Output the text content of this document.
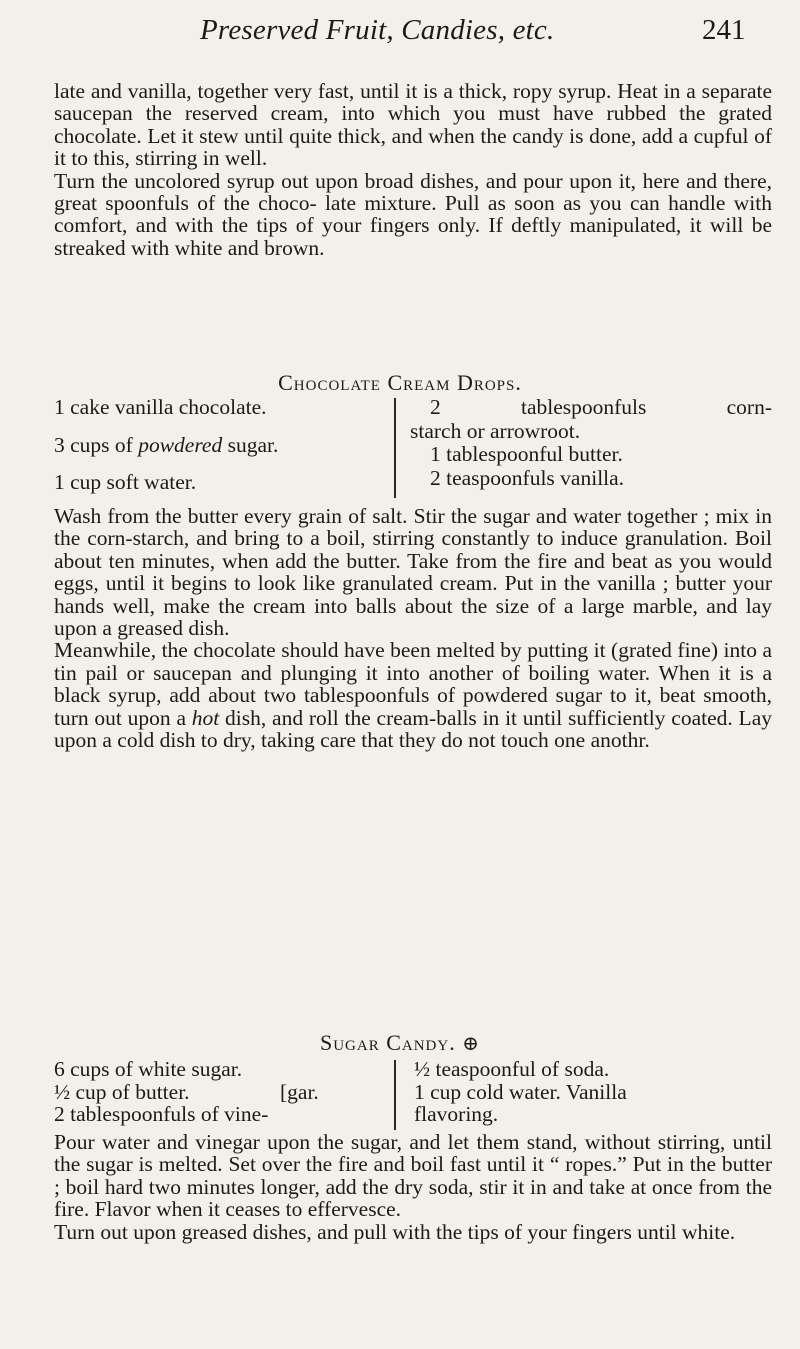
Preserved Fruit, Candies, etc.	241

late and vanilla, together very fast, until it is a thick, ropy syrup. Heat in a separate saucepan the reserved cream, into which you must have rubbed the grated chocolate. Let it stew until quite thick, and when the candy is done, add a cupful of it to this, stirring in well.

Turn the uncolored syrup out upon broad dishes, and pour upon it, here and there, great spoonfuls of the choco- late mixture. Pull as soon as you can handle with comfort, and with the tips of your fingers only. If deftly manipulated, it will be streaked with white and brown.

Chocolate Cream Drops.
1 cake vanilla chocolate.
3 cups of powdered sugar.
1 cup soft water.
2 tablespoonfuls corn-
starch or arrowroot.
1 tablespoonful butter.
2 teaspoonfuls vanilla.

Wash from the butter every grain of salt. Stir the sugar and water together ; mix in the corn-starch, and bring to a boil, stirring constantly to induce granulation. Boil about ten minutes, when add the butter. Take from the fire and beat as you would eggs, until it begins to look like granulated cream. Put in the vanilla ; butter your hands well, make the cream into balls about the size of a large marble, and lay upon a greased dish.

Meanwhile, the chocolate should have been melted by putting it (grated fine) into a tin pail or saucepan and plunging it into another of boiling water. When it is a black syrup, add about two tablespoonfuls of powdered sugar to it, beat smooth, turn out upon a hot dish, and roll the cream-balls in it until sufficiently coated. Lay upon a cold dish to dry, taking care that they do not touch one anothr.

Sugar Candy. ⊕
6 cups of white sugar.
½ cup of butter.	[gar.
2 tablespoonfuls of vine-
½ teaspoonful of soda.
1 cup cold water. Vanilla
flavoring.

Pour water and vinegar upon the sugar, and let them stand, without stirring, until the sugar is melted. Set over the fire and boil fast until it “ ropes.” Put in the butter ; boil hard two minutes longer, add the dry soda, stir it in and take at once from the fire. Flavor when it ceases to effervesce.

Turn out upon greased dishes, and pull with the tips of your fingers until white.
